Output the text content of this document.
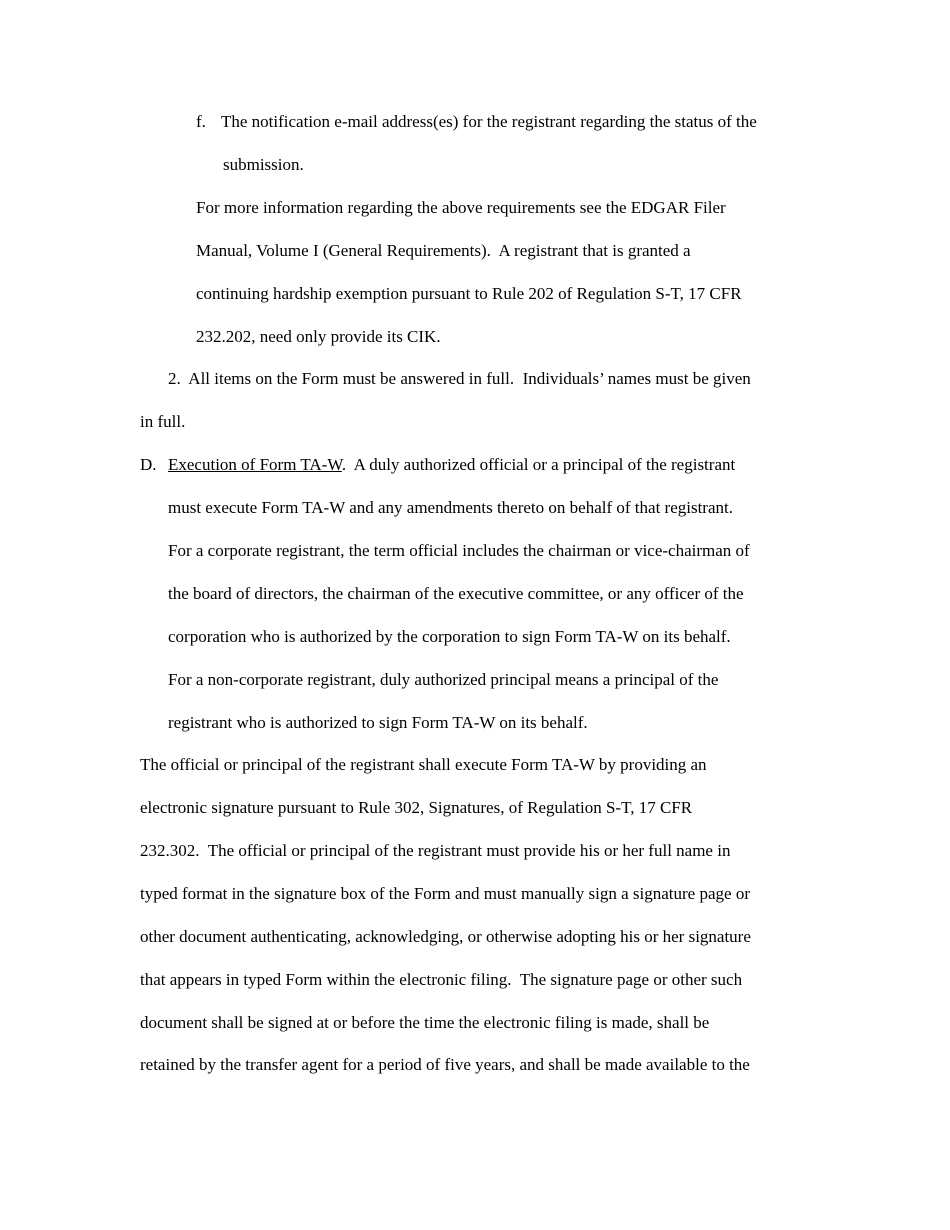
f. The notification e-mail address(es) for the registrant regarding the status of the
submission.
For more information regarding the above requirements see the EDGAR Filer
Manual, Volume I (General Requirements).  A registrant that is granted a
continuing hardship exemption pursuant to Rule 202 of Regulation S-T, 17 CFR
232.202, need only provide its CIK.
2.  All items on the Form must be answered in full.  Individuals’ names must be given
in full.
D. Execution of Form TA-W.  A duly authorized official or a principal of the registrant
must execute Form TA-W and any amendments thereto on behalf of that registrant.
For a corporate registrant, the term official includes the chairman or vice-chairman of
the board of directors, the chairman of the executive committee, or any officer of the
corporation who is authorized by the corporation to sign Form TA-W on its behalf.
For a non-corporate registrant, duly authorized principal means a principal of the
registrant who is authorized to sign Form TA-W on its behalf.
The official or principal of the registrant shall execute Form TA-W by providing an
electronic signature pursuant to Rule 302, Signatures, of Regulation S-T, 17 CFR
232.302.  The official or principal of the registrant must provide his or her full name in
typed format in the signature box of the Form and must manually sign a signature page or
other document authenticating, acknowledging, or otherwise adopting his or her signature
that appears in typed Form within the electronic filing.  The signature page or other such
document shall be signed at or before the time the electronic filing is made, shall be
retained by the transfer agent for a period of five years, and shall be made available to the
